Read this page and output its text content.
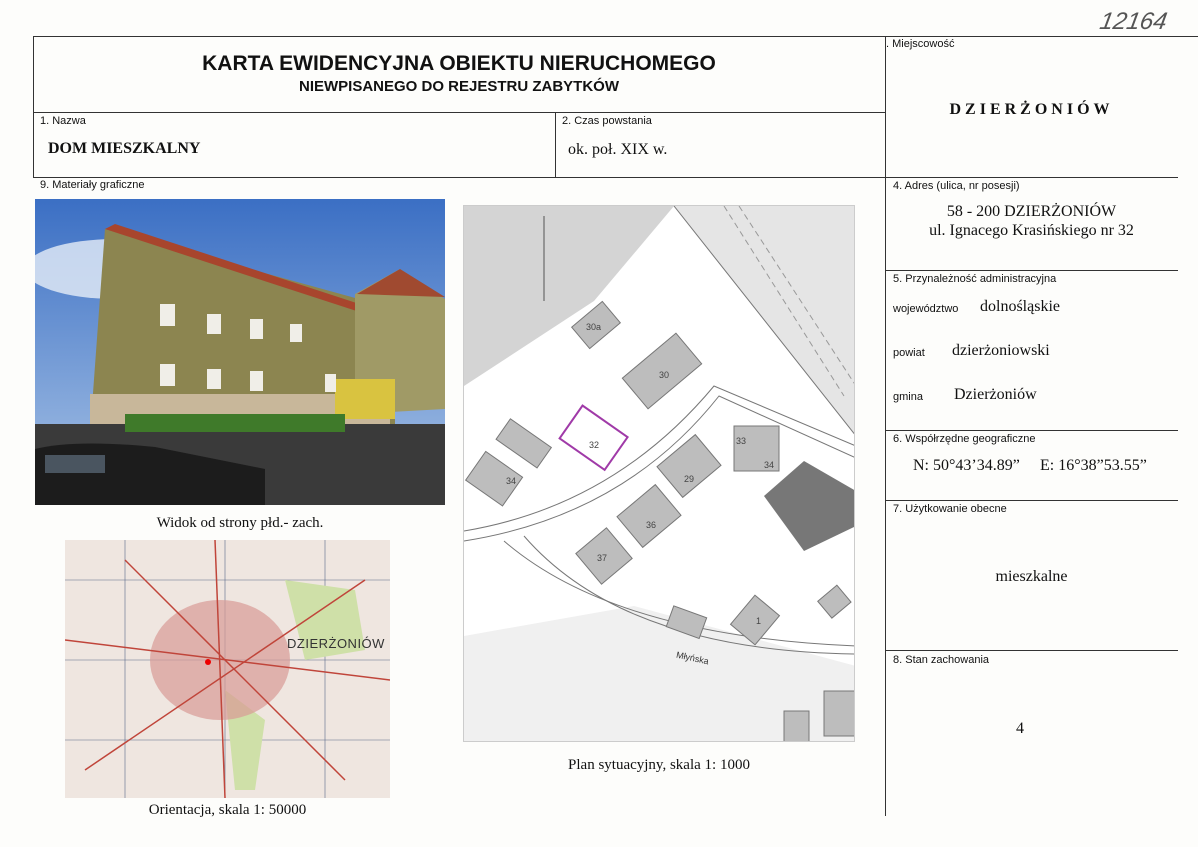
12164
KARTA EWIDENCYJNA OBIEKTU NIERUCHOMEGO
NIEWPISANEGO DO REJESTRU ZABYTKÓW
1. Nazwa
DOM MIESZKALNY
2. Czas powstania
ok. poł. XIX w.
. Miejscowość
DZIERŻONIÓW
4. Adres (ulica, nr posesji)
58 - 200 DZIERŻONIÓW
ul. Ignacego Krasińskiego nr 32
5. Przynależność administracyjna
województwo dolnośląskie
powiat dzierżoniowski
gmina Dzierżoniów
6. Współrzędne geograficzne
N: 50°43’34.89” E: 16°38”53.55”
7. Użytkowanie obecne
mieszkalne
8. Stan zachowania
4
9. Materiały graficzne
Widok od strony płd.- zach.
DZIERŻONIÓW
Orientacja, skala 1: 50000
30a
30
32
34
33
34
29
36
37
1
Młyńska
Plan sytuacyjny, skala 1: 1000
